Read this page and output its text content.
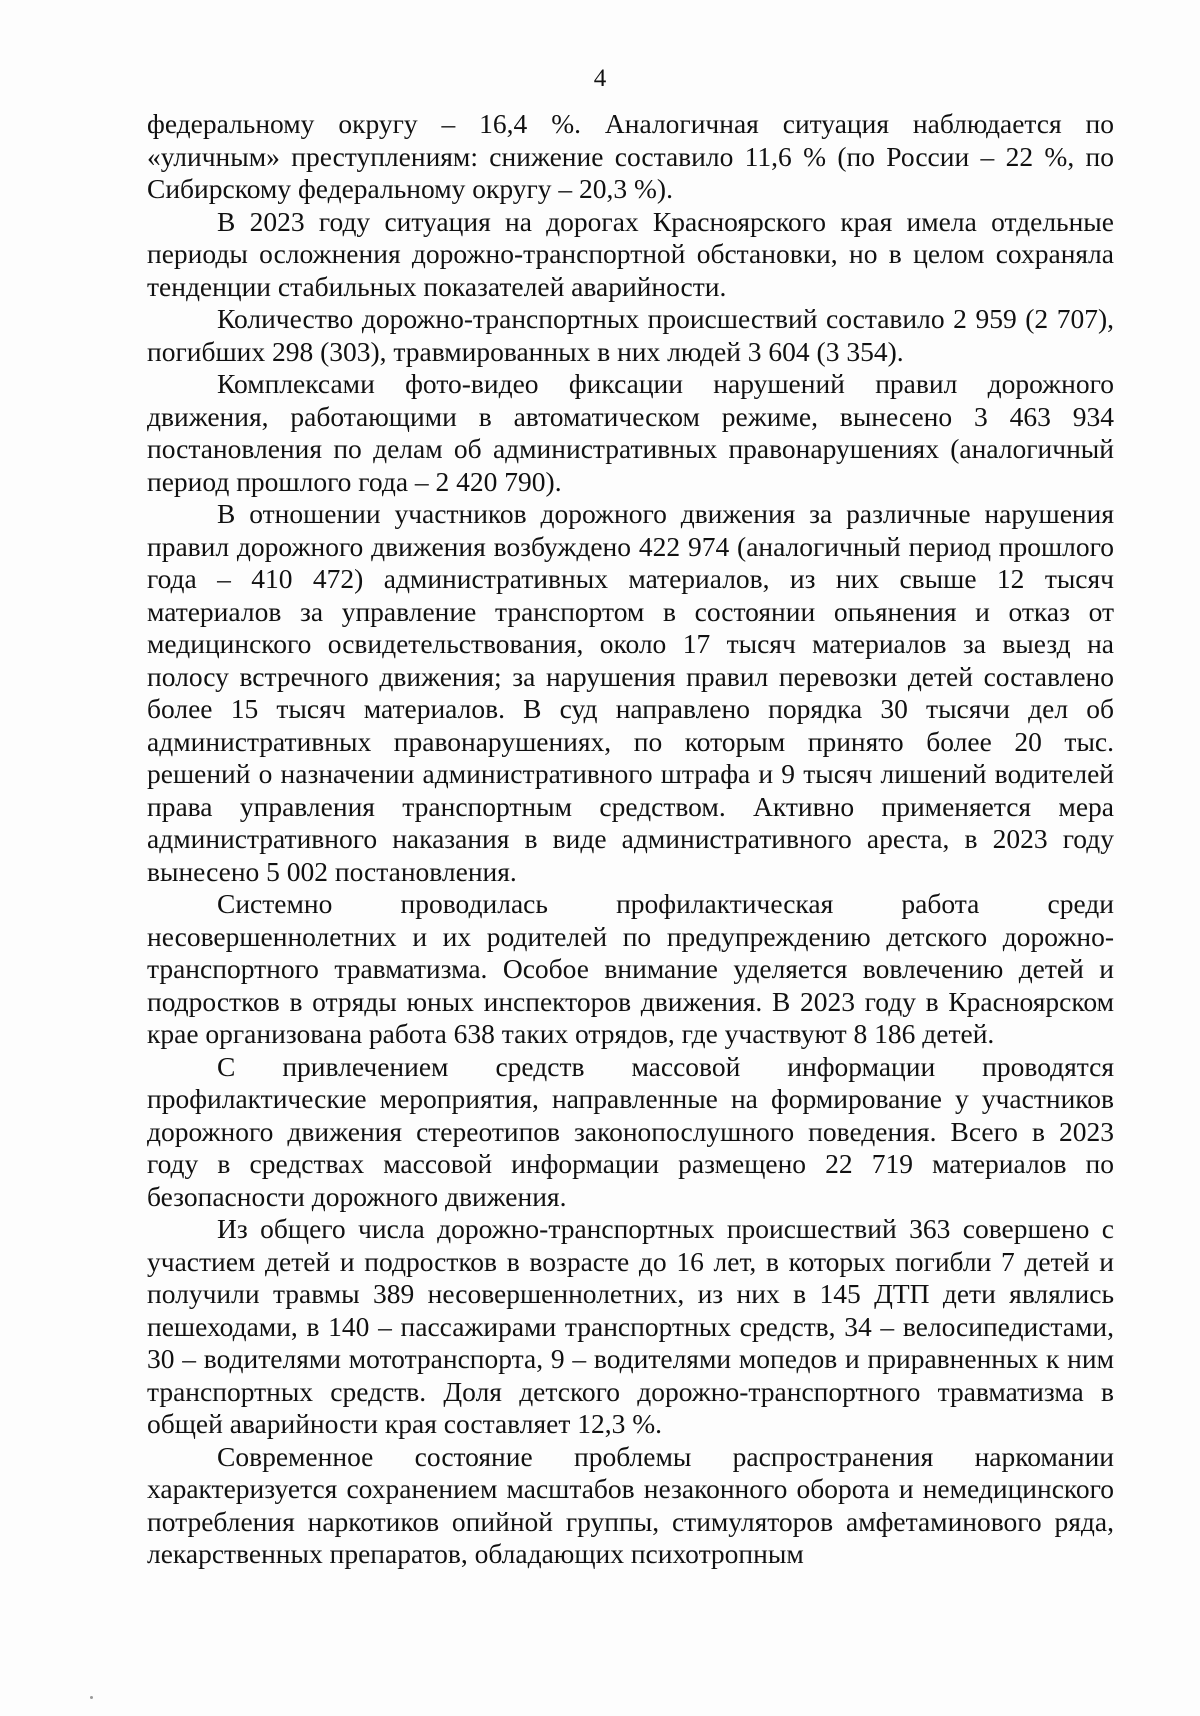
4

федеральному округу – 16,4 %. Аналогичная ситуация наблюдается по «уличным» преступлениям: снижение составило 11,6 % (по России – 22 %, по Сибирскому федеральному округу – 20,3 %).

В 2023 году ситуация на дорогах Красноярского края имела отдельные периоды осложнения дорожно-транспортной обстановки, но в целом сохраняла тенденции стабильных показателей аварийности.

Количество дорожно-транспортных происшествий составило 2 959 (2 707), погибших 298 (303), травмированных в них людей 3 604 (3 354).

Комплексами фото-видео фиксации нарушений правил дорожного движения, работающими в автоматическом режиме, вынесено 3 463 934 постановления по делам об административных правонарушениях (аналогичный период прошлого года – 2 420 790).

В отношении участников дорожного движения за различные нарушения правил дорожного движения возбуждено 422 974 (аналогичный период прошлого года – 410 472) административных материалов, из них свыше 12 тысяч материалов за управление транспортом в состоянии опьянения и отказ от медицинского освидетельствования, около 17 тысяч материалов за выезд на полосу встречного движения; за нарушения правил перевозки детей составлено более 15 тысяч материалов. В суд направлено порядка 30 тысячи дел об административных правонарушениях, по которым принято более 20 тыс. решений о назначении административного штрафа и 9 тысяч лишений водителей права управления транспортным средством. Активно применяется мера административного наказания в виде административного ареста, в 2023 году вынесено 5 002 постановления.

Системно проводилась профилактическая работа среди несовершеннолетних и их родителей по предупреждению детского дорожно-транспортного травматизма. Особое внимание уделяется вовлечению детей и подростков в отряды юных инспекторов движения. В 2023 году в Красноярском крае организована работа 638 таких отрядов, где участвуют 8 186 детей.

С привлечением средств массовой информации проводятся профилактические мероприятия, направленные на формирование у участников дорожного движения стереотипов законопослушного поведения. Всего в 2023 году в средствах массовой информации размещено 22 719 материалов по безопасности дорожного движения.

Из общего числа дорожно-транспортных происшествий 363 совершено с участием детей и подростков в возрасте до 16 лет, в которых погибли 7 детей и получили травмы 389 несовершеннолетних, из них в 145 ДТП дети являлись пешеходами, в 140 – пассажирами транспортных средств, 34 – велосипедистами, 30 – водителями мототранспорта, 9 – водителями мопедов и приравненных к ним транспортных средств. Доля детского дорожно-транспортного травматизма в общей аварийности края составляет 12,3 %.

Современное состояние проблемы распространения наркомании характеризуется сохранением масштабов незаконного оборота и немедицинского потребления наркотиков опийной группы, стимуляторов амфетаминового ряда, лекарственных препаратов, обладающих психотропным
